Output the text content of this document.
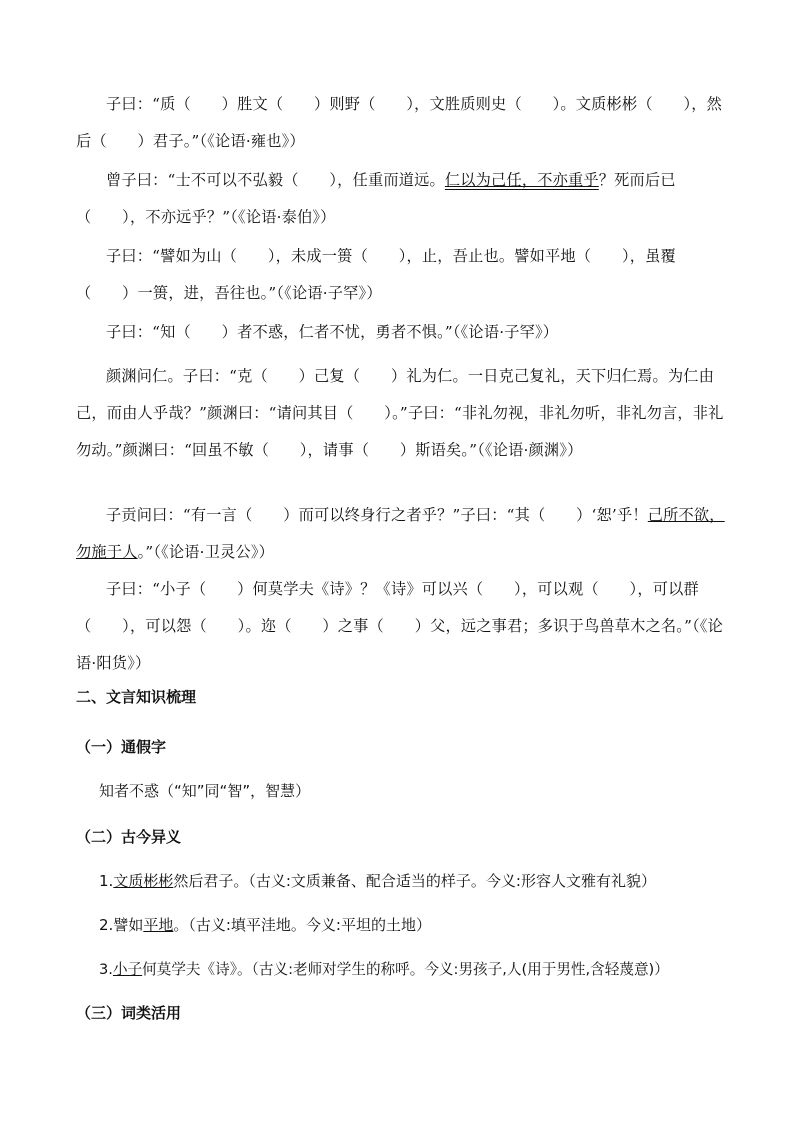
子曰：“质（　　）胜文（　　）则野（　　），文胜质则史（　　）。文质彬彬（　　），然后（　　）君子。”（《论语·雍也》）

曾子曰：“士不可以不弘毅（　　），任重而道远。仁以为己任，不亦重乎？死而后已（　　），不亦远乎？”（《论语·泰伯》）

子曰：“譬如为山（　　），未成一篑（　　），止，吾止也。譬如平地（　　），虽覆（　　）一篑，进，吾往也。”（《论语·子罕》）

子曰：“知（　　）者不惑，仁者不忧，勇者不惧。”（《论语·子罕》）

颜渊问仁。子曰：“克（　　）己复（　　）礼为仁。一日克己复礼，天下归仁焉。为仁由己，而由人乎哉？”颜渊曰：“请问其目（　　）。”子曰：“非礼勿视，非礼勿听，非礼勿言，非礼勿动。”颜渊曰：“回虽不敏（　　），请事（　　）斯语矣。”（《论语·颜渊》）

子贡问曰：“有一言（　　）而可以终身行之者乎？”子曰：“其（　　）‘恕’乎！己所不欲，勿施于人。”（《论语·卫灵公》）

子曰：“小子（　　）何莫学夫《诗》？《诗》可以兴（　　），可以观（　　），可以群（　　），可以怨（　　）。迩（　　）之事（　　）父，远之事君；多识于鸟兽草木之名。”（《论语·阳货》）

二、文言知识梳理

（一）通假字

知者不惑（“知”同“智”，智慧）

（二）古今异义

1.文质彬彬然后君子。（古义:文质兼备、配合适当的样子。今义:形容人文雅有礼貌）

2.譬如平地。（古义:填平洼地。今义:平坦的土地）

3.小子何莫学夫《诗》。（古义:老师对学生的称呼。今义:男孩子,人(用于男性,含轻蔑意)）

（三）词类活用
